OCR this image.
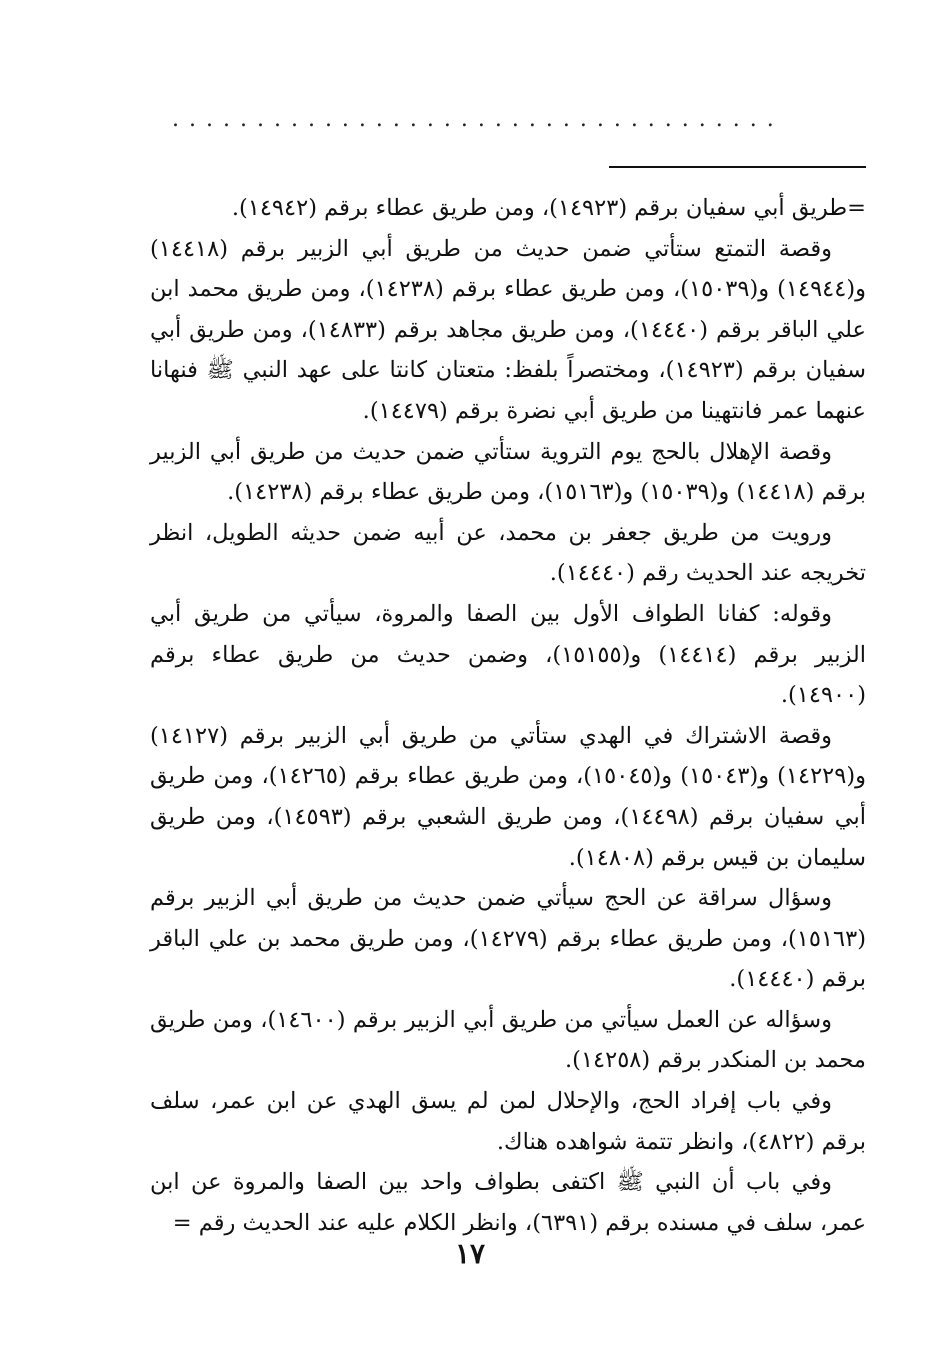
....................................

=طريق أبي سفيان برقم (١٤٩٢٣)، ومن طريق عطاء برقم (١٤٩٤٢).

وقصة التمتع ستأتي ضمن حديث من طريق أبي الزبير برقم (١٤٤١٨) و(١٤٩٤٤) و(١٥٠٣٩)، ومن طريق عطاء برقم (١٤٢٣٨)، ومن طريق محمد ابن علي الباقر برقم (١٤٤٤٠)، ومن طريق مجاهد برقم (١٤٨٣٣)، ومن طريق أبي سفيان برقم (١٤٩٢٣)، ومختصراً بلفظ: متعتان كانتا على عهد النبي ﷺ فنهانا عنهما عمر فانتهينا من طريق أبي نضرة برقم (١٤٤٧٩).

وقصة الإهلال بالحج يوم التروية ستأتي ضمن حديث من طريق أبي الزبير برقم (١٤٤١٨) و(١٥٠٣٩) و(١٥١٦٣)، ومن طريق عطاء برقم (١٤٢٣٨).

ورويت من طريق جعفر بن محمد، عن أبيه ضمن حديثه الطويل، انظر تخريجه عند الحديث رقم (١٤٤٤٠).

وقوله: كفانا الطواف الأول بين الصفا والمروة، سيأتي من طريق أبي الزبير برقم (١٤٤١٤) و(١٥١٥٥)، وضمن حديث من طريق عطاء برقم (١٤٩٠٠).

وقصة الاشتراك في الهدي ستأتي من طريق أبي الزبير برقم (١٤١٢٧) و(١٤٢٢٩) و(١٥٠٤٣) و(١٥٠٤٥)، ومن طريق عطاء برقم (١٤٢٦٥)، ومن طريق أبي سفيان برقم (١٤٤٩٨)، ومن طريق الشعبي برقم (١٤٥٩٣)، ومن طريق سليمان بن قيس برقم (١٤٨٠٨).

وسؤال سراقة عن الحج سيأتي ضمن حديث من طريق أبي الزبير برقم (١٥١٦٣)، ومن طريق عطاء برقم (١٤٢٧٩)، ومن طريق محمد بن علي الباقر برقم (١٤٤٤٠).

وسؤاله عن العمل سيأتي من طريق أبي الزبير برقم (١٤٦٠٠)، ومن طريق محمد بن المنكدر برقم (١٤٢٥٨).

وفي باب إفراد الحج، والإحلال لمن لم يسق الهدي عن ابن عمر، سلف برقم (٤٨٢٢)، وانظر تتمة شواهده هناك.

وفي باب أن النبي ﷺ اكتفى بطواف واحد بين الصفا والمروة عن ابن عمر، سلف في مسنده برقم (٦٣٩١)، وانظر الكلام عليه عند الحديث رقم =

١٧
